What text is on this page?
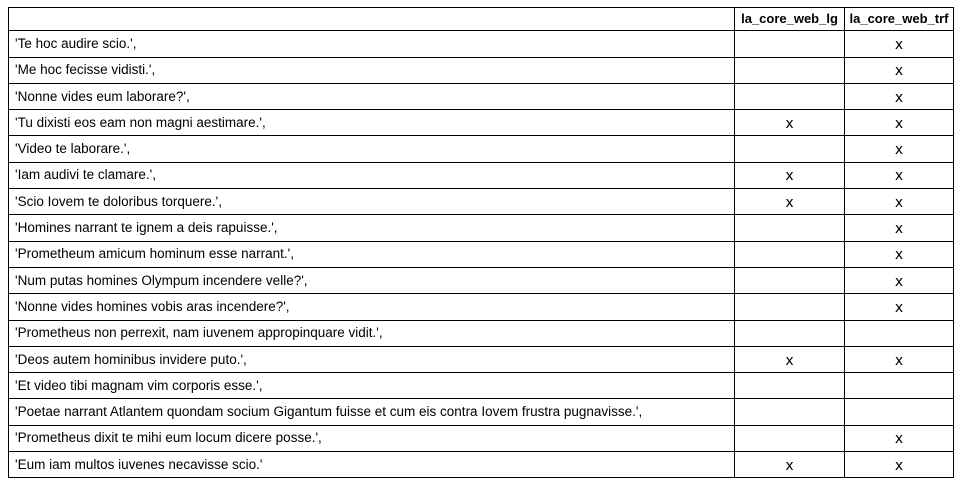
	la_core_web_lg	la_core_web_trf
'Te hoc audire scio.',		x
'Me hoc fecisse vidisti.',		x
'Nonne vides eum laborare?',		x
'Tu dixisti eos eam non magni aestimare.',	x	x
'Video te laborare.',		x
'Iam audivi te clamare.',	x	x
'Scio Iovem te doloribus torquere.',	x	x
'Homines narrant te ignem a deis rapuisse.',		x
'Prometheum amicum hominum esse narrant.',		x
'Num putas homines Olympum incendere velle?',		x
'Nonne vides homines vobis aras incendere?',		x
'Prometheus non perrexit, nam iuvenem appropinquare vidit.',		
'Deos autem hominibus invidere puto.',	x	x
'Et video tibi magnam vim corporis esse.',		
'Poetae narrant Atlantem quondam socium Gigantum fuisse et cum eis contra Iovem frustra pugnavisse.',		
'Prometheus dixit te mihi eum locum dicere posse.',		x
'Eum iam multos iuvenes necavisse scio.'	x	x
